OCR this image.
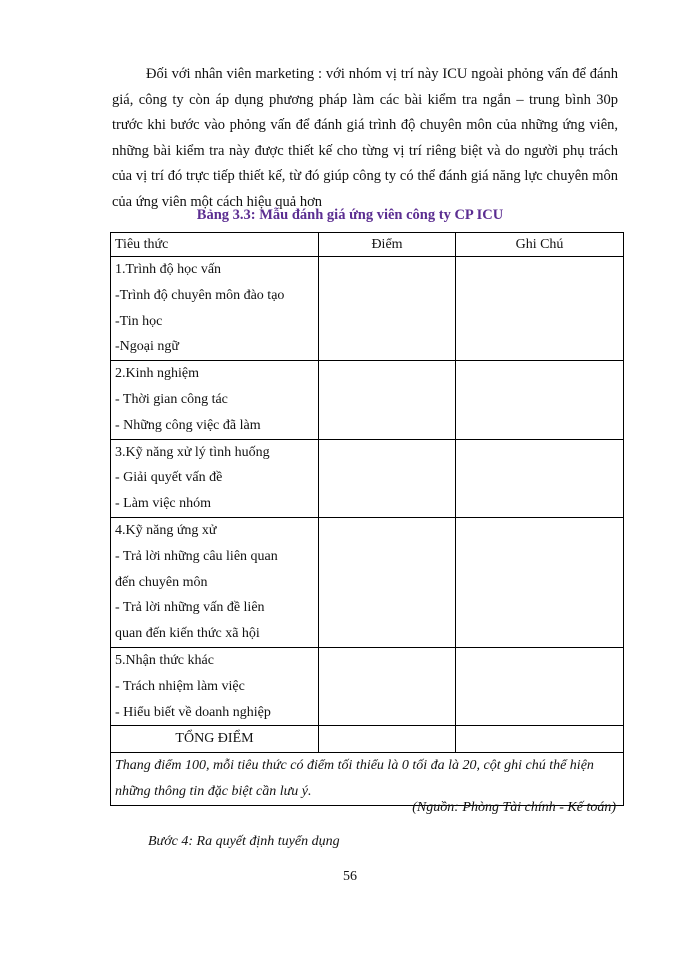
Đối với nhân viên marketing : với nhóm vị trí này ICU ngoài phỏng vấn để đánh giá, công ty còn áp dụng phương pháp làm các bài kiểm tra ngắn – trung bình 30p trước khi bước vào phỏng vấn để đánh giá trình độ chuyên môn của những ứng viên, những bài kiểm tra này được thiết kế cho từng vị trí riêng biệt và do người phụ trách của vị trí đó trực tiếp thiết kế, từ đó giúp công ty có thể đánh giá năng lực chuyên môn của ứng viên một cách hiệu quả hơn

Bảng 3.3: Mẫu đánh giá ứng viên công ty CP ICU
Tiêu thức	Điểm	Ghi Chú

1.Trình độ học vấn
-Trình độ chuyên môn đào tạo
-Tin học
-Ngoại ngữ		

2.Kinh nghiệm
- Thời gian công tác
- Những công việc đã làm		

3.Kỹ năng xử lý tình huống
- Giải quyết vấn đề
- Làm việc nhóm		

4.Kỹ năng ứng xử
- Trả lời những câu liên quan
đến chuyên môn
- Trả lời những vấn đề liên
quan đến kiến thức xã hội		

5.Nhận thức khác
- Trách nhiệm làm việc
- Hiểu biết về doanh nghiệp		

TỔNG ĐIỂM		
Thang điểm 100, mỗi tiêu thức có điểm tối thiểu là 0 tối đa là 20, cột ghi chú thể hiện những thông tin đặc biệt cần lưu ý.		
(Nguồn: Phòng Tài chính - Kế toán)
Bước 4: Ra quyết định tuyển dụng
56
